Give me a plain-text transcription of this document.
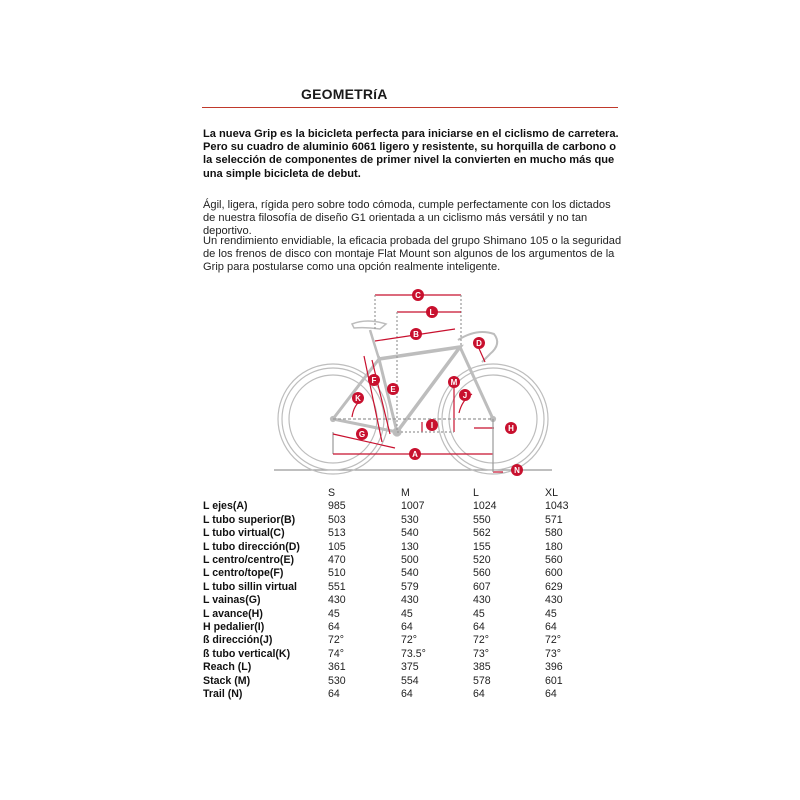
GEOMETRíA
La nueva Grip es la bicicleta perfecta para iniciarse en el ciclismo de carretera. Pero su cuadro de aluminio 6061 ligero y resistente, su horquilla de carbono o la selección de componentes de primer nivel la convierten en mucho más que una simple bicicleta de debut.
Ágil, ligera, rígida pero sobre todo cómoda, cumple perfectamente con los dictados de nuestra filosofía de diseño G1 orientada a un ciclismo más versátil y no tan deportivo.
Un rendimiento envidiable, la eficacia probada del grupo Shimano 105 o la seguridad de los frenos de disco con montaje Flat Mount son algunos de los argumentos de la Grip para postularse como una opción realmente inteligente.
C
L
B
D
F
E
M
K	J
I
G
H
A
N
	S	M	L	XL
L ejes(A)	985	1007	1024	1043
L tubo superior(B)	503	530	550	571
L tubo virtual(C)	513	540	562	580
L tubo dirección(D)	105	130	155	180
L centro/centro(E)	470	500	520	560
L centro/tope(F)	510	540	560	600
L tubo sillin virtual	551	579	607	629
L vainas(G)	430	430	430	430
L avance(H)	45	45	45	45
H pedalier(I)	64	64	64	64
ß dirección(J)	72°	72°	72°	72°
ß tubo vertical(K)	74°	73.5°	73°	73°
Reach (L)	361	375	385	396
Stack (M)	530	554	578	601
Trail (N)	64	64	64	64
